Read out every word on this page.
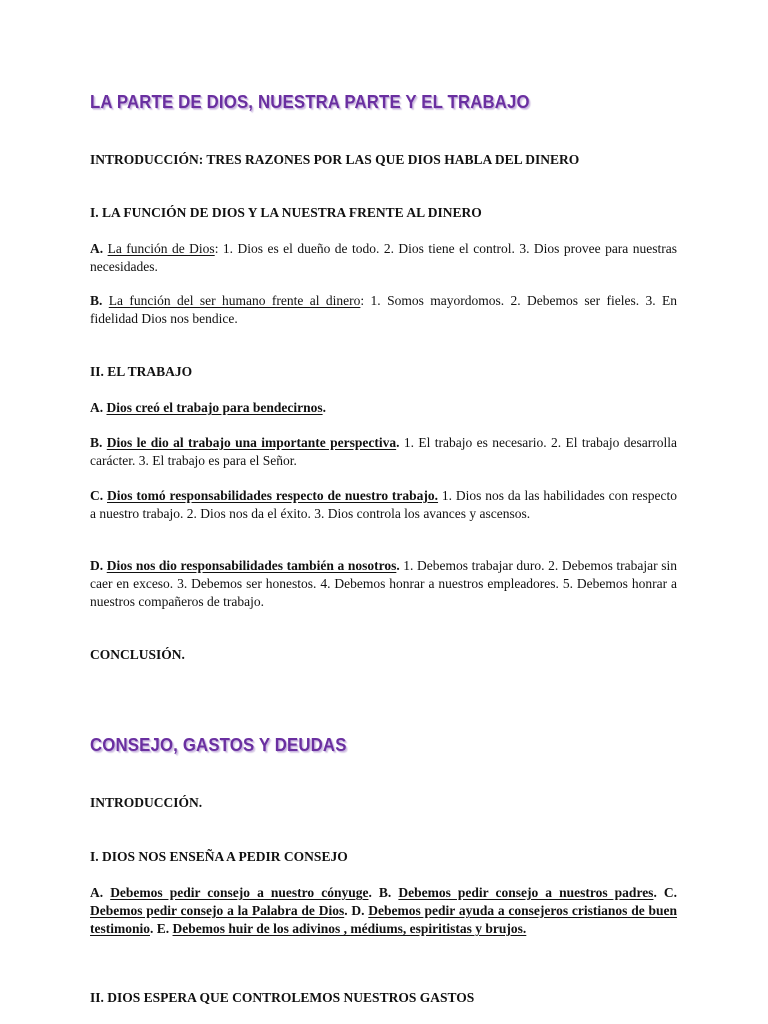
LA PARTE DE DIOS, NUESTRA PARTE Y EL TRABAJO
INTRODUCCIÓN: TRES RAZONES POR LAS QUE DIOS HABLA DEL DINERO
I. LA FUNCIÓN DE DIOS Y LA NUESTRA FRENTE AL DINERO
A. La función de Dios: 1. Dios es el dueño de todo. 2. Dios tiene el control. 3. Dios provee para nuestras necesidades.
B. La función del ser humano frente al dinero: 1. Somos mayordomos. 2. Debemos ser fieles. 3. En fidelidad Dios nos bendice.
II. EL TRABAJO
A. Dios creó el trabajo para bendecirnos.
B. Dios le dio al trabajo una importante perspectiva. 1. El trabajo es necesario. 2. El trabajo desarrolla carácter. 3. El trabajo es para el Señor.
C. Dios tomó responsabilidades respecto de nuestro trabajo. 1. Dios nos da las habilidades con respecto a nuestro trabajo. 2. Dios nos da el éxito. 3. Dios controla los avances y ascensos.
D. Dios nos dio responsabilidades también a nosotros. 1. Debemos trabajar duro. 2. Debemos trabajar sin caer en exceso. 3. Debemos ser honestos. 4. Debemos honrar a nuestros empleadores. 5. Debemos honrar a nuestros compañeros de trabajo.
CONCLUSIÓN.
CONSEJO, GASTOS Y DEUDAS
INTRODUCCIÓN.
I. DIOS NOS ENSEÑA A PEDIR CONSEJO
A. Debemos pedir consejo a nuestro cónyuge. B. Debemos pedir consejo a nuestros padres. C. Debemos pedir consejo a la Palabra de Dios. D. Debemos pedir ayuda a consejeros cristianos de buen testimonio. E. Debemos huir de los adivinos , médiums, espiritistas y brujos.
II. DIOS ESPERA QUE CONTROLEMOS NUESTROS GASTOS
